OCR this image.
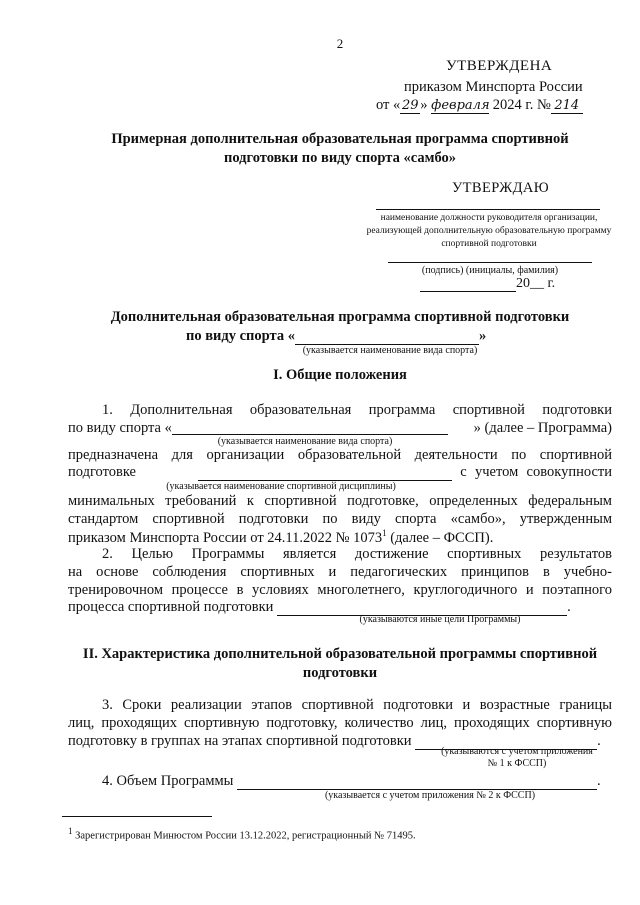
2
УТВЕРЖДЕНА
приказом Минспорта России
от « 29 » февраля 2024 г. № 214
Примерная дополнительная образовательная программа спортивной подготовки по виду спорта «самбо»
УТВЕРЖДАЮ
наименование должности руководителя организации, реализующей дополнительную образовательную программу спортивной подготовки
(подпись) (инициалы, фамилия)
20__ г.
Дополнительная образовательная программа спортивной подготовки
по виду спорта «	»
(указывается наименование вида спорта)
I. Общие положения
1. Дополнительная образовательная программа спортивной подготовки
по виду спорта «	» (далее – Программа)
(указывается наименование вида спорта)
предназначена для организации образовательной деятельности по спортивной
подготовке	с учетом совокупности
(указывается наименование спортивной дисциплины)
минимальных требований к спортивной подготовке, определенных федеральным
стандартом спортивной подготовки по виду спорта «самбо», утвержденным
приказом Минспорта России от 24.11.2022 № 1073$^1$ (далее – ФССП).
2. Целью Программы является достижение спортивных результатов
на основе соблюдения спортивных и педагогических принципов в учебно-
тренировочном процессе в условиях многолетнего, круглогодичного и поэтапного
процесса спортивной подготовки	.
(указываются иные цели Программы)
II. Характеристика дополнительной образовательной программы спортивной
подготовки
3. Сроки реализации этапов спортивной подготовки и возрастные границы
лиц, проходящих спортивную подготовку, количество лиц, проходящих спортивную
подготовку в группах на этапах спортивной подготовки	.
(указываются с учетом приложения
№ 1 к ФССП)
4. Объем Программы	.
(указывается с учетом приложения № 2 к ФССП)
$^1$ Зарегистрирован Минюстом России 13.12.2022, регистрационный № 71495.
